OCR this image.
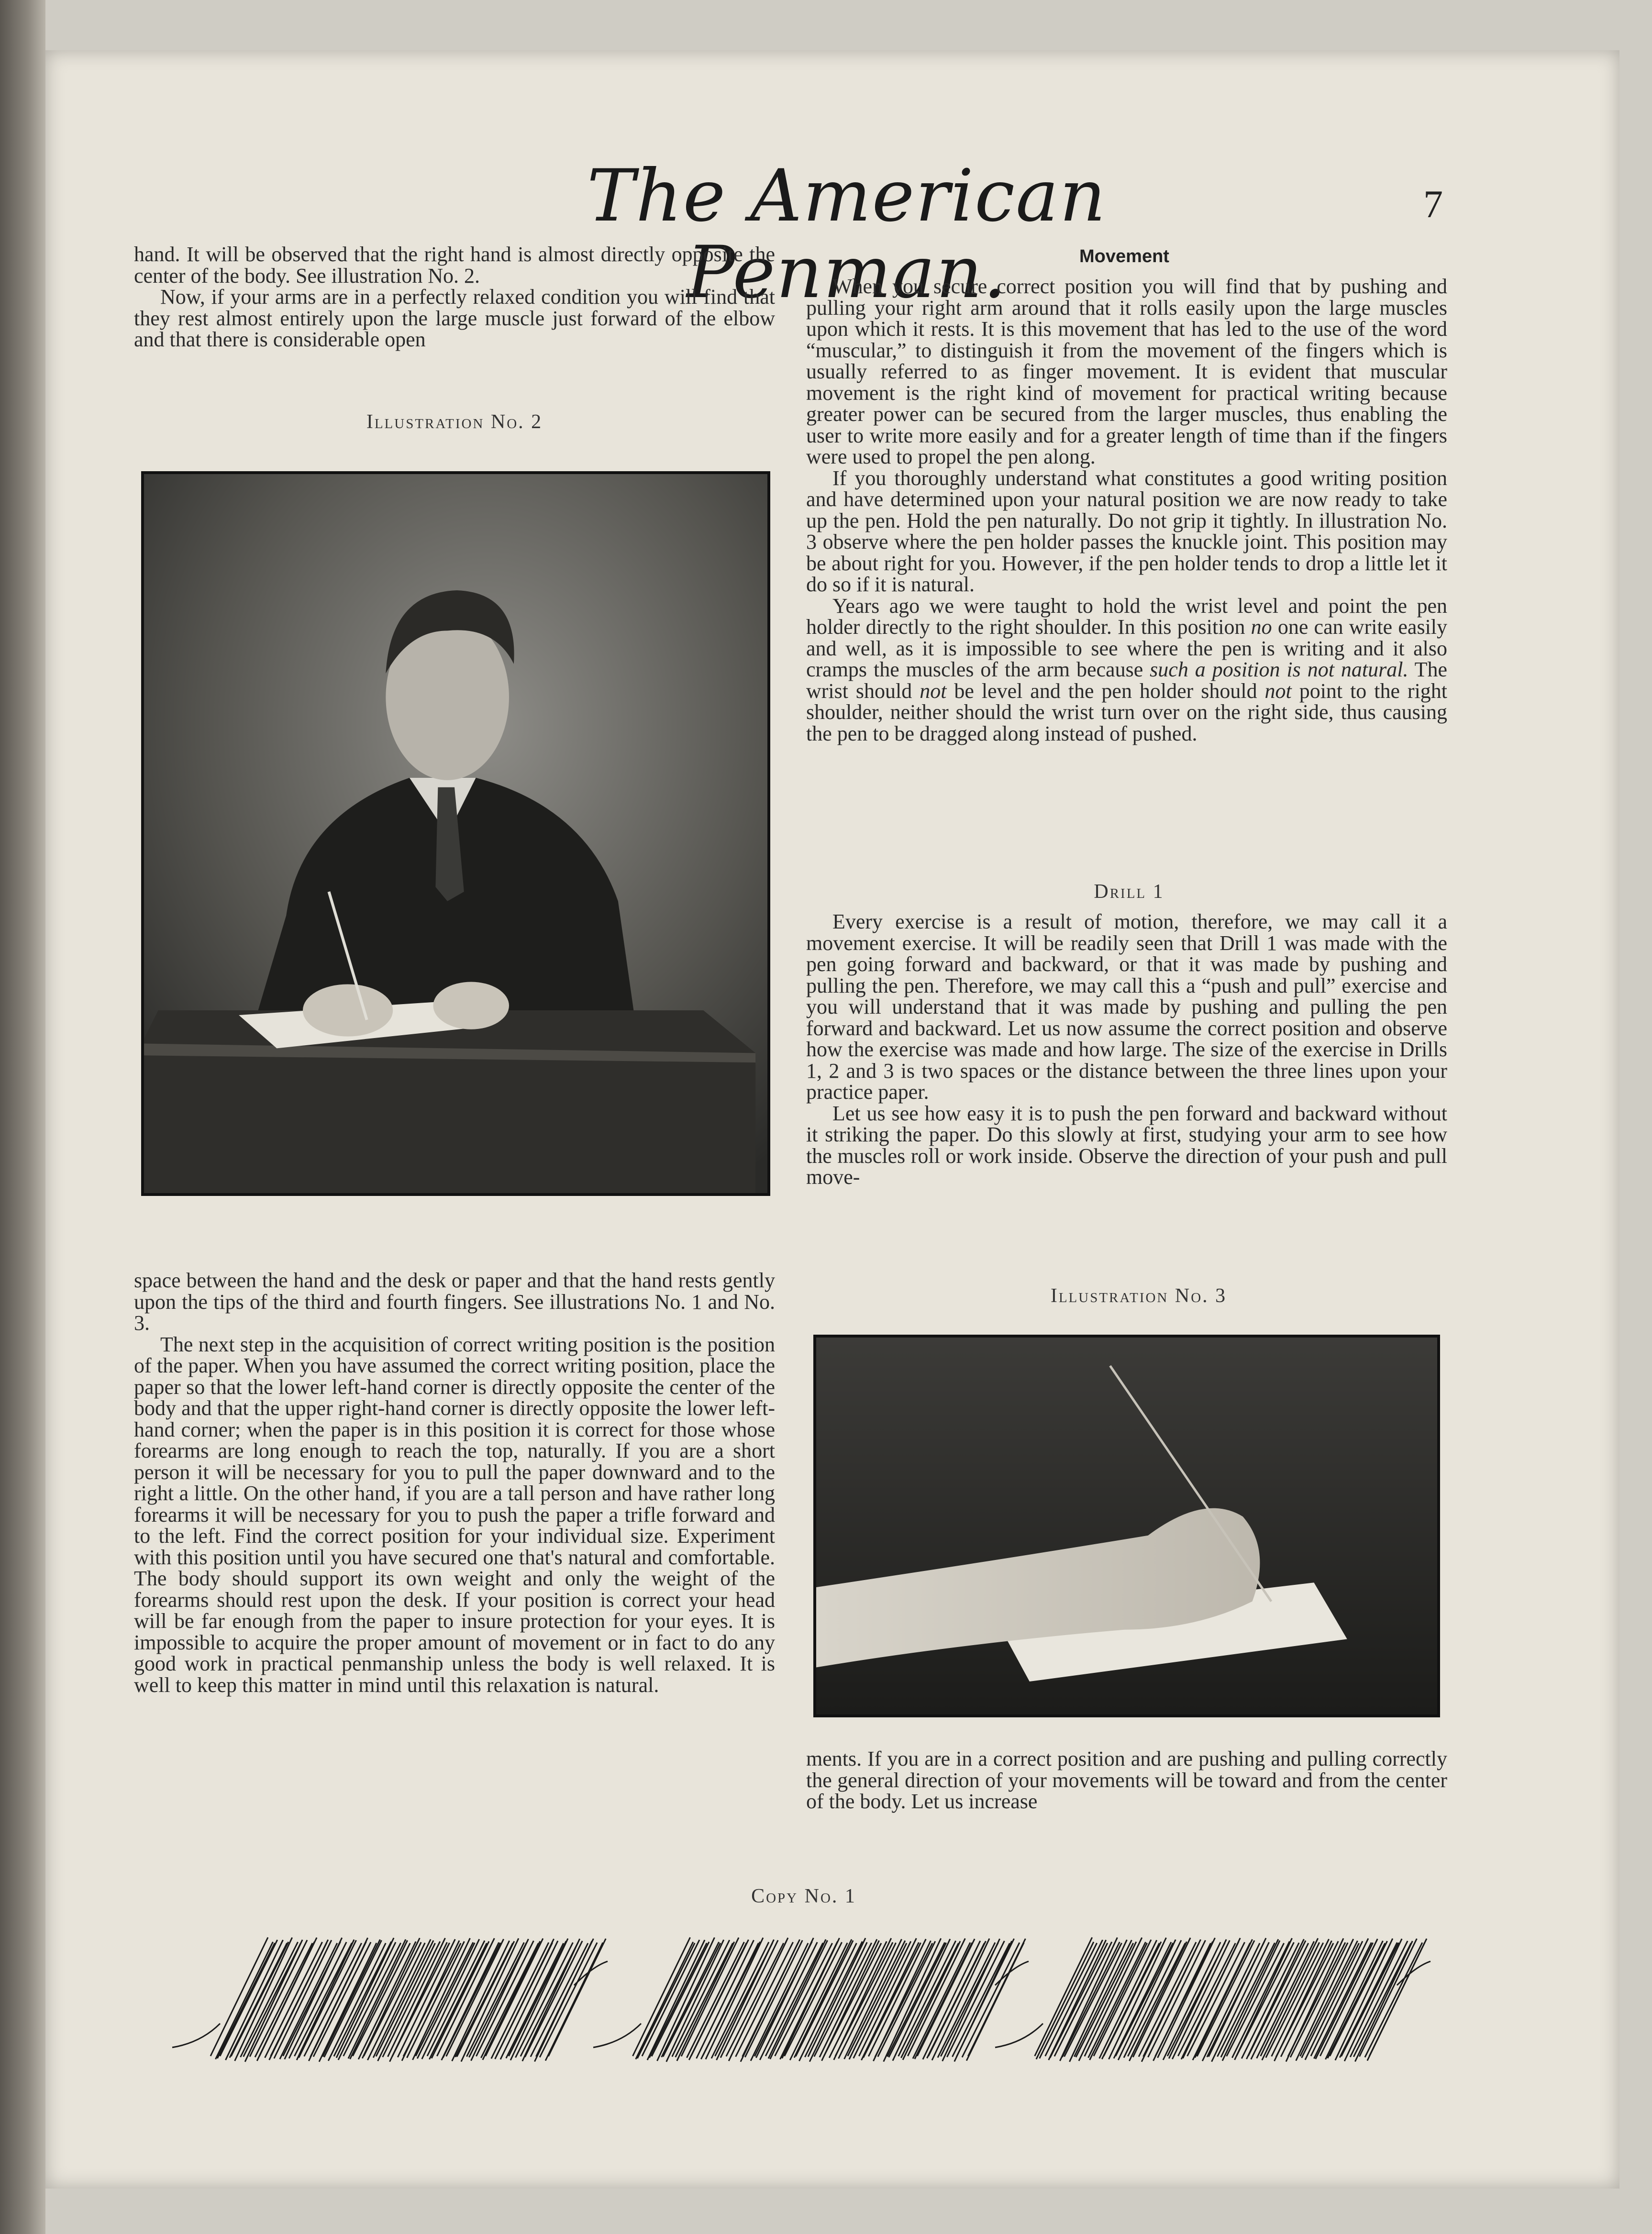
The American Penman.
7

hand. It will be observed that the right hand is almost directly opposite the center of the body. See illustration No. 2.

Now, if your arms are in a perfectly relaxed condition you will find that they rest almost entirely upon the large muscle just forward of the elbow and that there is considerable open

Illustration No. 2

space between the hand and the desk or paper and that the hand rests gently upon the tips of the third and fourth fingers. See illustrations No. 1 and No. 3.

The next step in the acquisition of correct writing position is the position of the paper. When you have assumed the correct writing position, place the paper so that the lower left-hand corner is directly opposite the center of the body and that the upper right-hand corner is directly opposite the lower left-hand corner; when the paper is in this position it is correct for those whose forearms are long enough to reach the top, naturally. If you are a short person it will be necessary for you to pull the paper downward and to the right a little. On the other hand, if you are a tall person and have rather long forearms it will be necessary for you to push the paper a trifle forward and to the left. Find the correct position for your individual size. Experiment with this position until you have secured one that's natural and comfortable. The body should support its own weight and only the weight of the forearms should rest upon the desk. If your position is correct your head will be far enough from the paper to insure protection for your eyes. It is impossible to acquire the proper amount of movement or in fact to do any good work in practical penmanship unless the body is well relaxed. It is well to keep this matter in mind until this relaxation is natural.

Movement

When you secure correct position you will find that by pushing and pulling your right arm around that it rolls easily upon the large muscles upon which it rests. It is this movement that has led to the use of the word “muscular,” to distinguish it from the movement of the fingers which is usually referred to as finger movement. It is evident that muscular movement is the right kind of movement for practical writing because greater power can be secured from the larger muscles, thus enabling the user to write more easily and for a greater length of time than if the fingers were used to propel the pen along.

If you thoroughly understand what constitutes a good writing position and have determined upon your natural position we are now ready to take up the pen. Hold the pen naturally. Do not grip it tightly. In illustration No. 3 observe where the pen holder passes the knuckle joint. This position may be about right for you. However, if the pen holder tends to drop a little let it do so if it is natural.

Years ago we were taught to hold the wrist level and point the pen holder directly to the right shoulder. In this position no one can write easily and well, as it is impossible to see where the pen is writing and it also cramps the muscles of the arm because such a position is not natural. The wrist should not be level and the pen holder should not point to the right shoulder, neither should the wrist turn over on the right side, thus causing the pen to be dragged along instead of pushed.

Drill 1

Every exercise is a result of motion, therefore, we may call it a movement exercise. It will be readily seen that Drill 1 was made with the pen going forward and backward, or that it was made by pushing and pulling the pen. Therefore, we may call this a “push and pull” exercise and you will understand that it was made by pushing and pulling the pen forward and backward. Let us now assume the correct position and observe how the exercise was made and how large. The size of the exercise in Drills 1, 2 and 3 is two spaces or the distance between the three lines upon your practice paper.

Let us see how easy it is to push the pen forward and backward without it striking the paper. Do this slowly at first, studying your arm to see how the muscles roll or work inside. Observe the direction of your push and pull move-

Illustration No. 3

ments. If you are in a correct position and are pushing and pulling correctly the general direction of your movements will be toward and from the center of the body. Let us increase

Copy No. 1
